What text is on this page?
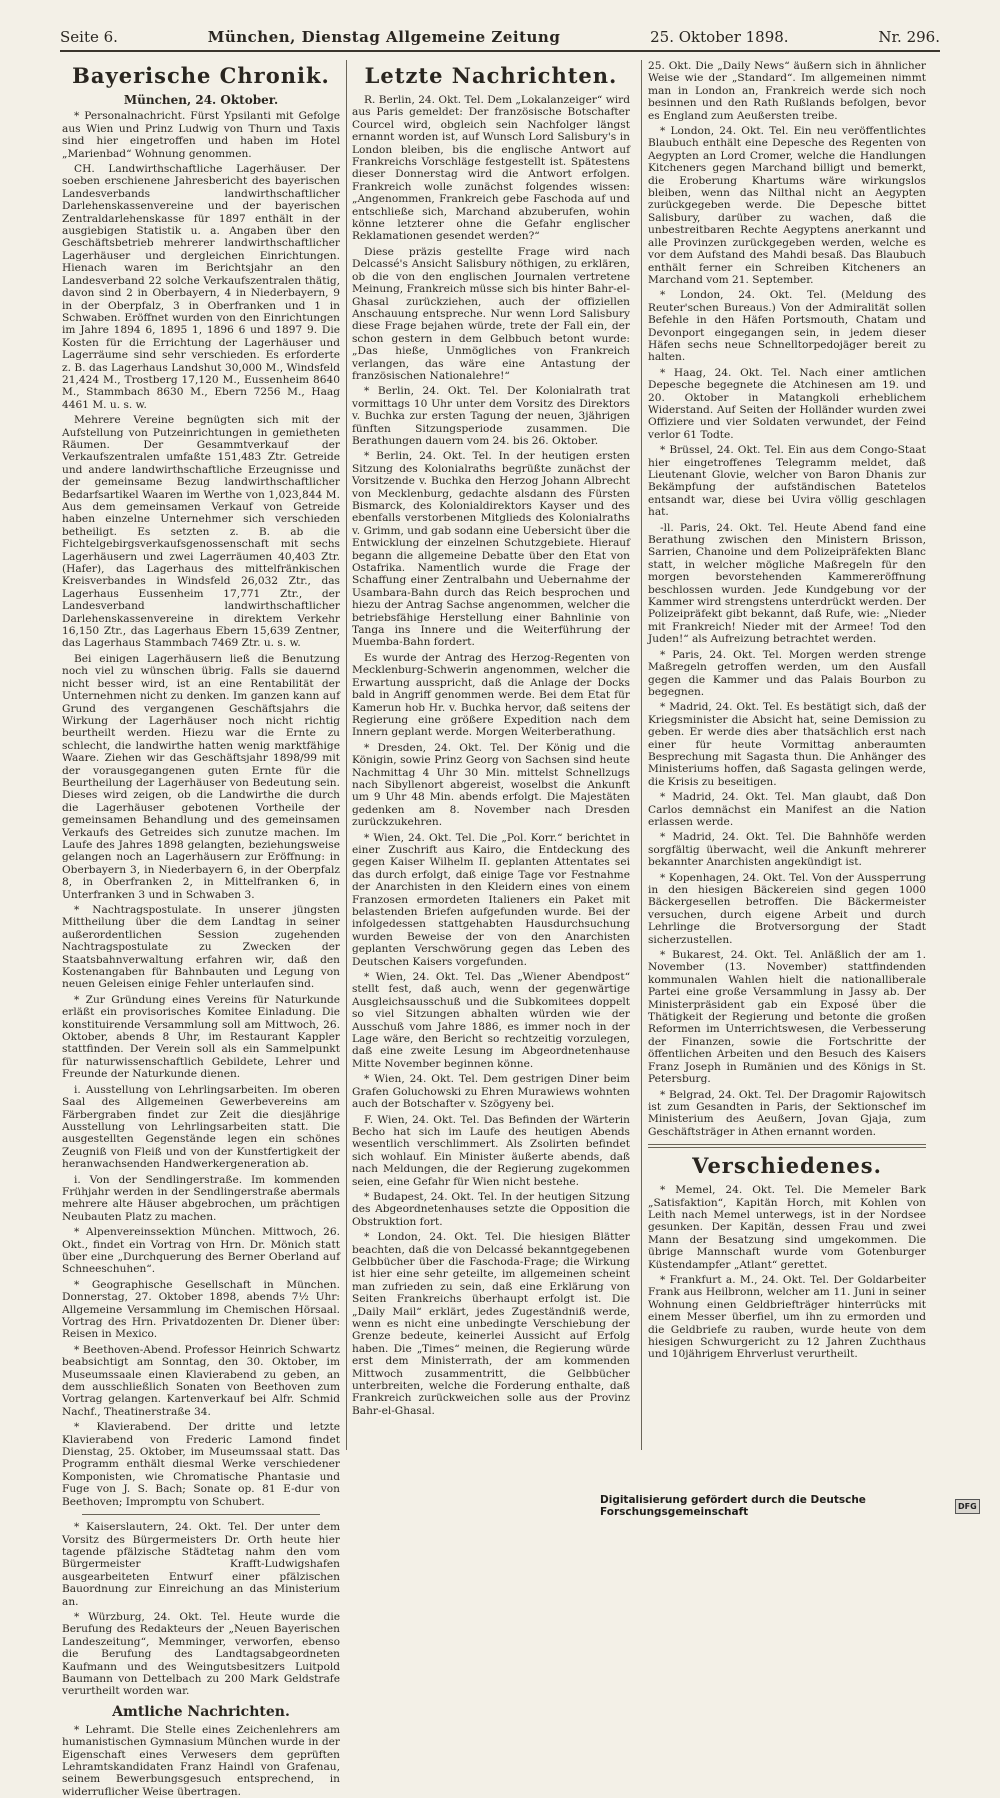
Seite 6.	München, Dienstag Allgemeine Zeitung	25. Oktober 1898.	Nr. 296.
Bayerische Chronik.
München, 24. Oktober.

* Personalnachricht. Fürst Ypsilanti mit Gefolge aus Wien und Prinz Ludwig von Thurn und Taxis sind hier eingetroffen und haben im Hotel „Marienbad“ Wohnung genommen.

CH. Landwirthschaftliche Lagerhäuser. Der soeben erschienene Jahresbericht des bayerischen Landesverbands landwirthschaftlicher Darlehenskassenvereine und der bayerischen Zentraldarlehenskasse für 1897 enthält in der ausgiebigen Statistik u. a. Angaben über den Geschäftsbetrieb mehrerer landwirthschaftlicher Lagerhäuser und dergleichen Einrichtungen. Hienach waren im Berichtsjahr an den Landesverband 22 solche Verkaufszentralen thätig, davon sind 2 in Oberbayern, 4 in Niederbayern, 9 in der Oberpfalz, 3 in Oberfranken und 1 in Schwaben. Eröffnet wurden von den Einrichtungen im Jahre 1894 6, 1895 1, 1896 6 und 1897 9. Die Kosten für die Errichtung der Lagerhäuser und Lagerräume sind sehr verschieden. Es erforderte z. B. das Lagerhaus Landshut 30,000 M., Windsfeld 21,424 M., Trostberg 17,120 M., Eussenheim 8640 M., Stammbach 8630 M., Ebern 7256 M., Haag 4461 M. u. s. w.

Mehrere Vereine begnügten sich mit der Aufstellung von Putzeinrichtungen in gemietheten Räumen. Der Gesammtverkauf der Verkaufszentralen umfaßte 151,483 Ztr. Getreide und andere landwirthschaftliche Erzeugnisse und der gemeinsame Bezug landwirthschaftlicher Bedarfsartikel Waaren im Werthe von 1,023,844 M. Aus dem gemeinsamen Verkauf von Getreide haben einzelne Unternehmer sich verschieden betheiligt. Es setzten z. B. ab die Fichtelgebirgsverkaufsgenossenschaft mit sechs Lagerhäusern und zwei Lagerräumen 40,403 Ztr. (Hafer), das Lagerhaus des mittelfränkischen Kreisverbandes in Windsfeld 26,032 Ztr., das Lagerhaus Eussenheim 17,771 Ztr., der Landesverband landwirthschaftlicher Darlehenskassenvereine in direktem Verkehr 16,150 Ztr., das Lagerhaus Ebern 15,639 Zentner, das Lagerhaus Stammbach 7469 Ztr. u. s. w.

Bei einigen Lagerhäusern ließ die Benutzung noch viel zu wünschen übrig. Falls sie dauernd nicht besser wird, ist an eine Rentabilität der Unternehmen nicht zu denken. Im ganzen kann auf Grund des vergangenen Geschäftsjahrs die Wirkung der Lagerhäuser noch nicht richtig beurtheilt werden. Hiezu war die Ernte zu schlecht, die landwirthe hatten wenig marktfähige Waare. Ziehen wir das Geschäftsjahr 1898/99 mit der vorausgegangenen guten Ernte für die Beurtheilung der Lagerhäuser von Bedeutung sein. Dieses wird zeigen, ob die Landwirthe die durch die Lagerhäuser gebotenen Vortheile der gemeinsamen Behandlung und des gemeinsamen Verkaufs des Getreides sich zunutze machen. Im Laufe des Jahres 1898 gelangten, beziehungsweise gelangen noch an Lagerhäusern zur Eröffnung: in Oberbayern 3, in Niederbayern 6, in der Oberpfalz 8, in Oberfranken 2, in Mittelfranken 6, in Unterfranken 3 und in Schwaben 3.

* Nachtragspostulate. In unserer jüngsten Mittheilung über die dem Landtag in seiner außerordentlichen Session zugehenden Nachtragspostulate zu Zwecken der Staatsbahnverwaltung erfahren wir, daß den Kostenangaben für Bahnbauten und Legung von neuen Geleisen einige Fehler unterlaufen sind.

* Zur Gründung eines Vereins für Naturkunde erläßt ein provisorisches Komitee Einladung. Die konstituirende Versammlung soll am Mittwoch, 26. Oktober, abends 8 Uhr, im Restaurant Kappler stattfinden. Der Verein soll als ein Sammelpunkt für naturwissenschaftlich Gebildete, Lehrer und Freunde der Naturkunde dienen.

i. Ausstellung von Lehrlingsarbeiten. Im oberen Saal des Allgemeinen Gewerbevereins am Färbergraben findet zur Zeit die diesjährige Ausstellung von Lehrlingsarbeiten statt. Die ausgestellten Gegenstände legen ein schönes Zeugniß von Fleiß und von der Kunstfertigkeit der heranwachsenden Handwerkergeneration ab.

i. Von der Sendlingerstraße. Im kommenden Frühjahr werden in der Sendlingerstraße abermals mehrere alte Häuser abgebrochen, um prächtigen Neubauten Platz zu machen.

* Alpenvereinssektion München. Mittwoch, 26. Okt., findet ein Vortrag von Hrn. Dr. Mönich statt über eine „Durchquerung des Berner Oberland auf Schneeschuhen“.

* Geographische Gesellschaft in München. Donnerstag, 27. Oktober 1898, abends 7½ Uhr: Allgemeine Versammlung im Chemischen Hörsaal. Vortrag des Hrn. Privatdozenten Dr. Diener über: Reisen in Mexico.

* Beethoven-Abend. Professor Heinrich Schwartz beabsichtigt am Sonntag, den 30. Oktober, im Museumssaale einen Klavierabend zu geben, an dem ausschließlich Sonaten von Beethoven zum Vortrag gelangen. Kartenverkauf bei Alfr. Schmid Nachf., Theatinerstraße 34.

* Klavierabend. Der dritte und letzte Klavierabend von Frederic Lamond findet Dienstag, 25. Oktober, im Museumssaal statt. Das Programm enthält diesmal Werke verschiedener Komponisten, wie Chromatische Phantasie und Fuge von J. S. Bach; Sonate op. 81 E-dur von Beethoven; Impromptu von Schubert.

* Kaiserslautern, 24. Okt. Tel. Der unter dem Vorsitz des Bürgermeisters Dr. Orth heute hier tagende pfälzische Städtetag nahm den vom Bürgermeister Krafft-Ludwigshafen ausgearbeiteten Entwurf einer pfälzischen Bauordnung zur Einreichung an das Ministerium an.

* Würzburg, 24. Okt. Tel. Heute wurde die Berufung des Redakteurs der „Neuen Bayerischen Landeszeitung“, Memminger, verworfen, ebenso die Berufung des Landtagsabgeordneten Kaufmann und des Weingutsbesitzers Luitpold Baumann von Dettelbach zu 200 Mark Geldstrafe verurtheilt worden war.

Amtliche Nachrichten.

* Lehramt. Die Stelle eines Zeichenlehrers am humanistischen Gymnasium München wurde in der Eigenschaft eines Verwesers dem geprüften Lehramtskandidaten Franz Haindl von Grafenau, seinem Bewerbungsgesuch entsprechend, in widerruflicher Weise übertragen.

Letzte Nachrichten.

R. Berlin, 24. Okt. Tel. Dem „Lokalanzeiger“ wird aus Paris gemeldet: Der französische Botschafter Courcel wird, obgleich sein Nachfolger längst ernannt worden ist, auf Wunsch Lord Salisbury's in London bleiben, bis die englische Antwort auf Frankreichs Vorschläge festgestellt ist. Spätestens dieser Donnerstag wird die Antwort erfolgen. Frankreich wolle zunächst folgendes wissen: „Angenommen, Frankreich gebe Faschoda auf und entschließe sich, Marchand abzuberufen, wohin könne letzterer ohne die Gefahr englischer Reklamationen gesendet werden?“

Diese präzis gestellte Frage wird nach Delcassé's Ansicht Salisbury nöthigen, zu erklären, ob die von den englischen Journalen vertretene Meinung, Frankreich müsse sich bis hinter Bahr-el-Ghasal zurückziehen, auch der offiziellen Anschauung entspreche. Nur wenn Lord Salisbury diese Frage bejahen würde, trete der Fall ein, der schon gestern in dem Gelbbuch betont wurde: „Das hieße, Unmögliches von Frankreich verlangen, das wäre eine Antastung der französischen Nationalehre!“

* Berlin, 24. Okt. Tel. Der Kolonialrath trat vormittags 10 Uhr unter dem Vorsitz des Direktors v. Buchka zur ersten Tagung der neuen, 3jährigen fünften Sitzungsperiode zusammen. Die Berathungen dauern vom 24. bis 26. Oktober.

* Berlin, 24. Okt. Tel. In der heutigen ersten Sitzung des Kolonialraths begrüßte zunächst der Vorsitzende v. Buchka den Herzog Johann Albrecht von Mecklenburg, gedachte alsdann des Fürsten Bismarck, des Kolonialdirektors Kayser und des ebenfalls verstorbenen Mitglieds des Kolonialraths v. Grimm, und gab sodann eine Uebersicht über die Entwicklung der einzelnen Schutzgebiete. Hierauf begann die allgemeine Debatte über den Etat von Ostafrika. Namentlich wurde die Frage der Schaffung einer Zentralbahn und Uebernahme der Usambara-Bahn durch das Reich besprochen und hiezu der Antrag Sachse angenommen, welcher die betriebsfähige Herstellung einer Bahnlinie von Tanga ins Innere und die Weiterführung der Muemba-Bahn fordert.

Es wurde der Antrag des Herzog-Regenten von Mecklenburg-Schwerin angenommen, welcher die Erwartung ausspricht, daß die Anlage der Docks bald in Angriff genommen werde. Bei dem Etat für Kamerun hob Hr. v. Buchka hervor, daß seitens der Regierung eine größere Expedition nach dem Innern geplant werde. Morgen Weiterberathung.

* Dresden, 24. Okt. Tel. Der König und die Königin, sowie Prinz Georg von Sachsen sind heute Nachmittag 4 Uhr 30 Min. mittelst Schnellzugs nach Sibyllenort abgereist, woselbst die Ankunft um 9 Uhr 48 Min. abends erfolgt. Die Majestäten gedenken am 8. November nach Dresden zurückzukehren.

* Wien, 24. Okt. Tel. Die „Pol. Korr.“ berichtet in einer Zuschrift aus Kairo, die Entdeckung des gegen Kaiser Wilhelm II. geplanten Attentates sei das durch erfolgt, daß einige Tage vor Festnahme der Anarchisten in den Kleidern eines von einem Franzosen ermordeten Italieners ein Paket mit belastenden Briefen aufgefunden wurde. Bei der infolgedessen stattgehabten Hausdurchsuchung wurden Beweise der von den Anarchisten geplanten Verschwörung gegen das Leben des Deutschen Kaisers vorgefunden.

* Wien, 24. Okt. Tel. Das „Wiener Abendpost“ stellt fest, daß auch, wenn der gegenwärtige Ausgleichsausschuß und die Subkomitees doppelt so viel Sitzungen abhalten würden wie der Ausschuß vom Jahre 1886, es immer noch in der Lage wäre, den Bericht so rechtzeitig vorzulegen, daß eine zweite Lesung im Abgeordnetenhause Mitte November beginnen könne.

* Wien, 24. Okt. Tel. Dem gestrigen Diner beim Grafen Goluchowski zu Ehren Murawiews wohnten auch der Botschafter v. Szögyeny bei.

F. Wien, 24. Okt. Tel. Das Befinden der Wärterin Becho hat sich im Laufe des heutigen Abends wesentlich verschlimmert. Als Zsolirten befindet sich wohlauf. Ein Minister äußerte abends, daß nach Meldungen, die der Regierung zugekommen seien, eine Gefahr für Wien nicht bestehe.

* Budapest, 24. Okt. Tel. In der heutigen Sitzung des Abgeordnetenhauses setzte die Opposition die Obstruktion fort.

* London, 24. Okt. Tel. Die hiesigen Blätter beachten, daß die von Delcassé bekanntgegebenen Gelbbücher über die Faschoda-Frage; die Wirkung ist hier eine sehr geteilte, im allgemeinen scheint man zufrieden zu sein, daß eine Erklärung von Seiten Frankreichs überhaupt erfolgt ist. Die „Daily Mail“ erklärt, jedes Zugeständniß werde, wenn es nicht eine unbedingte Verschiebung der Grenze bedeute, keinerlei Aussicht auf Erfolg haben. Die „Times“ meinen, die Regierung würde erst dem Ministerrath, der am kommenden Mittwoch zusammentritt, die Gelbbücher unterbreiten, welche die Forderung enthalte, daß Frankreich zurückweichen solle aus der Provinz Bahr-el-Ghasal.

25. Okt. Die „Daily News“ äußern sich in ähnlicher Weise wie der „Standard“. Im allgemeinen nimmt man in London an, Frankreich werde sich noch besinnen und den Rath Rußlands befolgen, bevor es England zum Aeußersten treibe.

* London, 24. Okt. Tel. Ein neu veröffentlichtes Blaubuch enthält eine Depesche des Regenten von Aegypten an Lord Cromer, welche die Handlungen Kitcheners gegen Marchand billigt und bemerkt, die Eroberung Khartums wäre wirkungslos bleiben, wenn das Nilthal nicht an Aegypten zurückgegeben werde. Die Depesche bittet Salisbury, darüber zu wachen, daß die unbestreitbaren Rechte Aegyptens anerkannt und alle Provinzen zurückgegeben werden, welche es vor dem Aufstand des Mahdi besaß. Das Blaubuch enthält ferner ein Schreiben Kitcheners an Marchand vom 21. September.

* London, 24. Okt. Tel. (Meldung des Reuter'schen Bureaus.) Von der Admiralität sollen Befehle in den Häfen Portsmouth, Chatam und Devonport eingegangen sein, in jedem dieser Häfen sechs neue Schnelltorpedojäger bereit zu halten.

* Haag, 24. Okt. Tel. Nach einer amtlichen Depesche begegnete die Atchinesen am 19. und 20. Oktober in Matangkoli erheblichem Widerstand. Auf Seiten der Holländer wurden zwei Offiziere und vier Soldaten verwundet, der Feind verlor 61 Todte.

* Brüssel, 24. Okt. Tel. Ein aus dem Congo-Staat hier eingetroffenes Telegramm meldet, daß Lieutenant Glovie, welcher von Baron Dhanis zur Bekämpfung der aufständischen Batetelos entsandt war, diese bei Uvira völlig geschlagen hat.

-ll. Paris, 24. Okt. Tel. Heute Abend fand eine Berathung zwischen den Ministern Brisson, Sarrien, Chanoine und dem Polizeipräfekten Blanc statt, in welcher mögliche Maßregeln für den morgen bevorstehenden Kammereröffnung beschlossen wurden. Jede Kundgebung vor der Kammer wird strengstens unterdrückt werden. Der Polizeipräfekt gibt bekannt, daß Rufe, wie: „Nieder mit Frankreich! Nieder mit der Armee! Tod den Juden!“ als Aufreizung betrachtet werden.

* Paris, 24. Okt. Tel. Morgen werden strenge Maßregeln getroffen werden, um den Ausfall gegen die Kammer und das Palais Bourbon zu begegnen.

* Madrid, 24. Okt. Tel. Es bestätigt sich, daß der Kriegsminister die Absicht hat, seine Demission zu geben. Er werde dies aber thatsächlich erst nach einer für heute Vormittag anberaumten Besprechung mit Sagasta thun. Die Anhänger des Ministeriums hoffen, daß Sagasta gelingen werde, die Krisis zu beseitigen.

* Madrid, 24. Okt. Tel. Man glaubt, daß Don Carlos demnächst ein Manifest an die Nation erlassen werde.

* Madrid, 24. Okt. Tel. Die Bahnhöfe werden sorgfältig überwacht, weil die Ankunft mehrerer bekannter Anarchisten angekündigt ist.

* Kopenhagen, 24. Okt. Tel. Von der Aussperrung in den hiesigen Bäckereien sind gegen 1000 Bäckergesellen betroffen. Die Bäckermeister versuchen, durch eigene Arbeit und durch Lehrlinge die Brotversorgung der Stadt sicherzustellen.

* Bukarest, 24. Okt. Tel. Anläßlich der am 1. November (13. November) stattfindenden kommunalen Wahlen hielt die nationalliberale Partei eine große Versammlung in Jassy ab. Der Ministerpräsident gab ein Exposé über die Thätigkeit der Regierung und betonte die großen Reformen im Unterrichtswesen, die Verbesserung der Finanzen, sowie die Fortschritte der öffentlichen Arbeiten und den Besuch des Kaisers Franz Joseph in Rumänien und des Königs in St. Petersburg.

* Belgrad, 24. Okt. Tel. Der Dragomir Rajowitsch ist zum Gesandten in Paris, der Sektionschef im Ministerium des Aeußern, Jovan Gjaja, zum Geschäftsträger in Athen ernannt worden.

Verschiedenes.

* Memel, 24. Okt. Tel. Die Memeler Bark „Satisfaktion“, Kapitän Horch, mit Kohlen von Leith nach Memel unterwegs, ist in der Nordsee gesunken. Der Kapitän, dessen Frau und zwei Mann der Besatzung sind umgekommen. Die übrige Mannschaft wurde vom Gotenburger Küstendampfer „Atlant“ gerettet.

* Frankfurt a. M., 24. Okt. Tel. Der Goldarbeiter Frank aus Heilbronn, welcher am 11. Juni in seiner Wohnung einen Geldbriefträger hinterrücks mit einem Messer überfiel, um ihn zu ermorden und die Geldbriefe zu rauben, wurde heute von dem hiesigen Schwurgericht zu 12 Jahren Zuchthaus und 10jährigem Ehrverlust verurtheilt.

Digitalisierung gefördert durch die Deutsche Forschungsgemeinschaft	DFG
